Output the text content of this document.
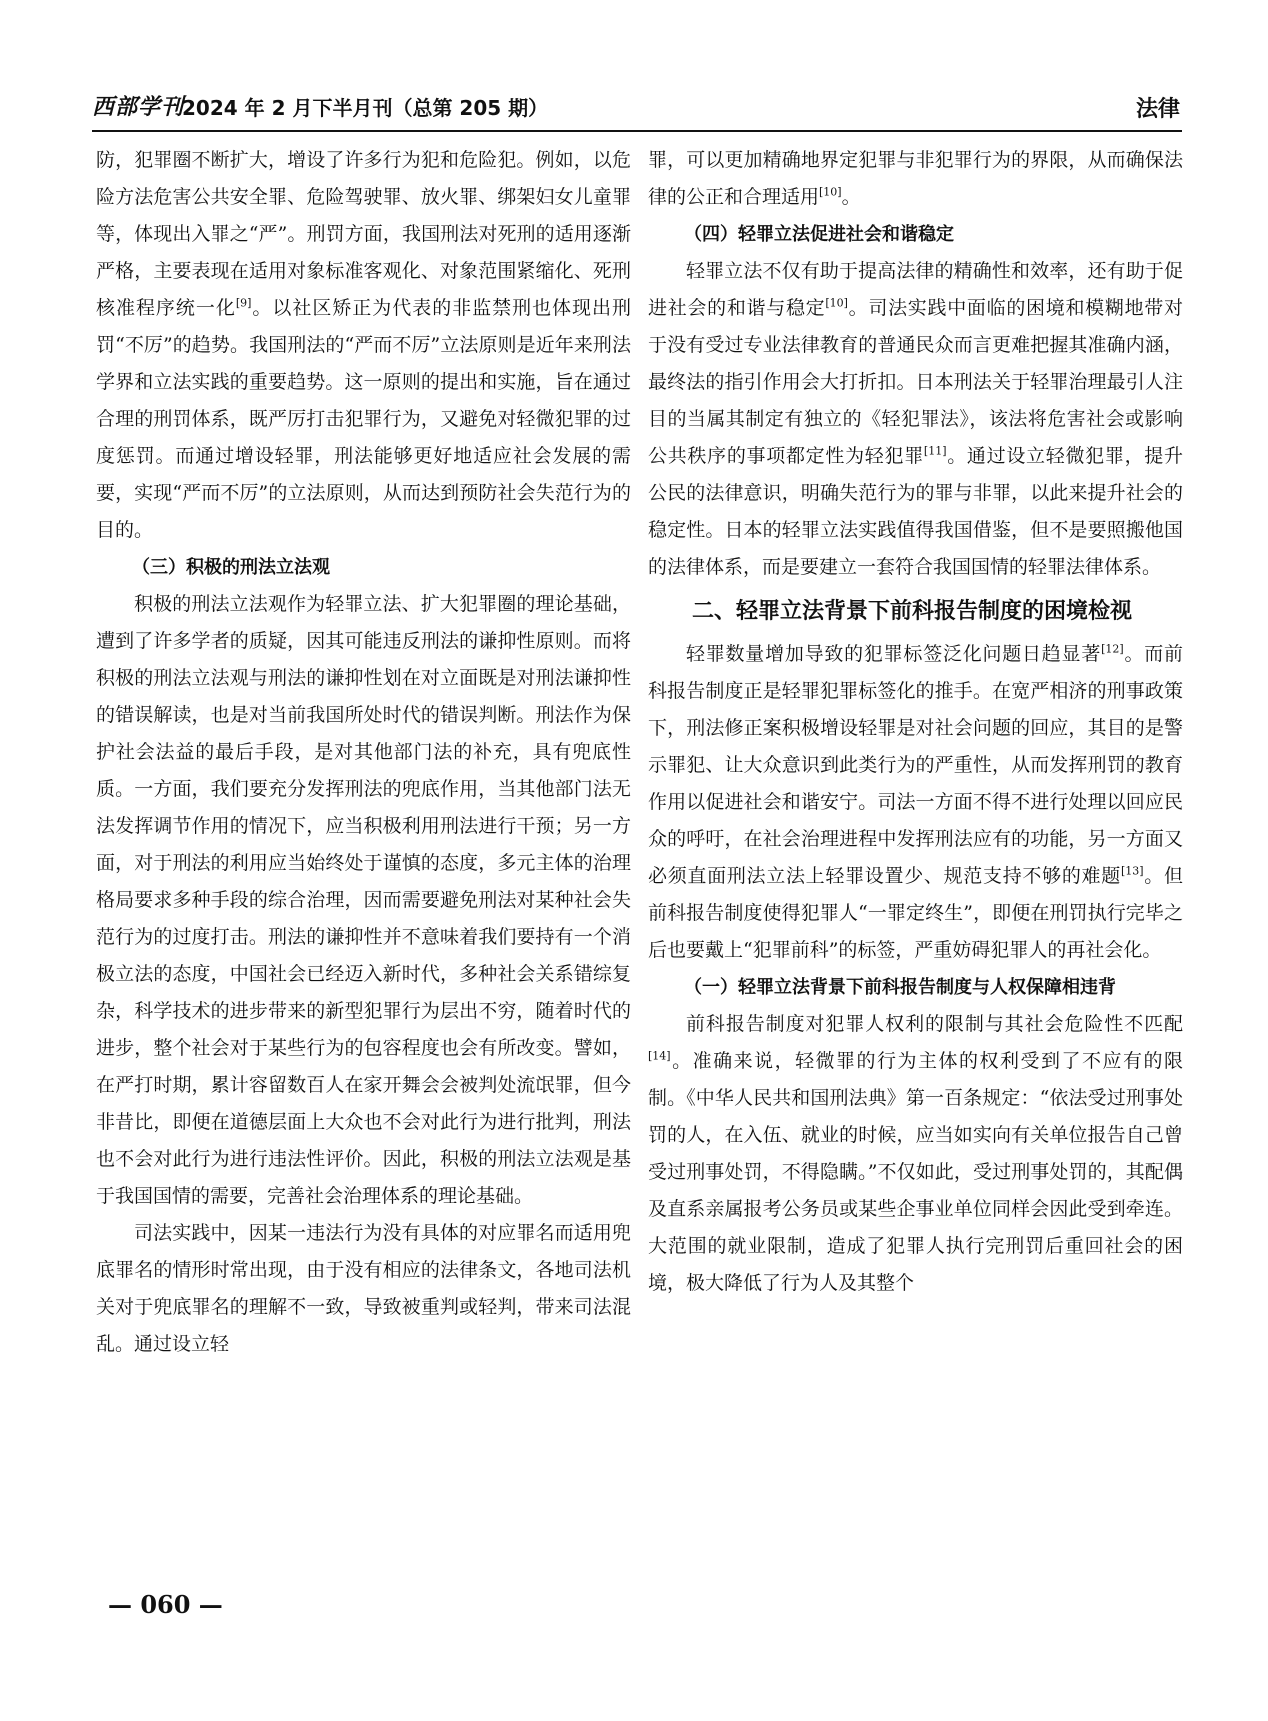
西部学刊
2024 年 2 月下半月刊（总第 205 期）	法律

防，犯罪圈不断扩大，增设了许多行为犯和危险犯。例如，以危险方法危害公共安全罪、危险驾驶罪、放火罪、绑架妇女儿童罪等，体现出入罪之“严”。刑罚方面，我国刑法对死刑的适用逐渐严格，主要表现在适用对象标准客观化、对象范围紧缩化、死刑核准程序统一化[9]。以社区矫正为代表的非监禁刑也体现出刑罚“不厉”的趋势。我国刑法的“严而不厉”立法原则是近年来刑法学界和立法实践的重要趋势。这一原则的提出和实施，旨在通过合理的刑罚体系，既严厉打击犯罪行为，又避免对轻微犯罪的过度惩罚。而通过增设轻罪，刑法能够更好地适应社会发展的需要，实现“严而不厉”的立法原则，从而达到预防社会失范行为的目的。

（三）积极的刑法立法观

积极的刑法立法观作为轻罪立法、扩大犯罪圈的理论基础，遭到了许多学者的质疑，因其可能违反刑法的谦抑性原则。而将积极的刑法立法观与刑法的谦抑性划在对立面既是对刑法谦抑性的错误解读，也是对当前我国所处时代的错误判断。刑法作为保护社会法益的最后手段，是对其他部门法的补充，具有兜底性质。一方面，我们要充分发挥刑法的兜底作用，当其他部门法无法发挥调节作用的情况下，应当积极利用刑法进行干预；另一方面，对于刑法的利用应当始终处于谨慎的态度，多元主体的治理格局要求多种手段的综合治理，因而需要避免刑法对某种社会失范行为的过度打击。刑法的谦抑性并不意味着我们要持有一个消极立法的态度，中国社会已经迈入新时代，多种社会关系错综复杂，科学技术的进步带来的新型犯罪行为层出不穷，随着时代的进步，整个社会对于某些行为的包容程度也会有所改变。譬如，在严打时期，累计容留数百人在家开舞会会被判处流氓罪，但今非昔比，即便在道德层面上大众也不会对此行为进行批判，刑法也不会对此行为进行违法性评价。因此，积极的刑法立法观是基于我国国情的需要，完善社会治理体系的理论基础。

司法实践中，因某一违法行为没有具体的对应罪名而适用兜底罪名的情形时常出现，由于没有相应的法律条文，各地司法机关对于兜底罪名的理解不一致，导致被重判或轻判，带来司法混乱。通过设立轻

罪，可以更加精确地界定犯罪与非犯罪行为的界限，从而确保法律的公正和合理适用[10]。

（四）轻罪立法促进社会和谐稳定

轻罪立法不仅有助于提高法律的精确性和效率，还有助于促进社会的和谐与稳定[10]。司法实践中面临的困境和模糊地带对于没有受过专业法律教育的普通民众而言更难把握其准确内涵，最终法的指引作用会大打折扣。日本刑法关于轻罪治理最引人注目的当属其制定有独立的《轻犯罪法》，该法将危害社会或影响公共秩序的事项都定性为轻犯罪[11]。通过设立轻微犯罪，提升公民的法律意识，明确失范行为的罪与非罪，以此来提升社会的稳定性。日本的轻罪立法实践值得我国借鉴，但不是要照搬他国的法律体系，而是要建立一套符合我国国情的轻罪法律体系。

二、轻罪立法背景下前科报告制度的困境检视

轻罪数量增加导致的犯罪标签泛化问题日趋显著[12]。而前科报告制度正是轻罪犯罪标签化的推手。在宽严相济的刑事政策下，刑法修正案积极增设轻罪是对社会问题的回应，其目的是警示罪犯、让大众意识到此类行为的严重性，从而发挥刑罚的教育作用以促进社会和谐安宁。司法一方面不得不进行处理以回应民众的呼吁，在社会治理进程中发挥刑法应有的功能，另一方面又必须直面刑法立法上轻罪设置少、规范支持不够的难题[13]。但前科报告制度使得犯罪人“一罪定终生”，即便在刑罚执行完毕之后也要戴上“犯罪前科”的标签，严重妨碍犯罪人的再社会化。

（一）轻罪立法背景下前科报告制度与人权保障相违背

前科报告制度对犯罪人权利的限制与其社会危险性不匹配[14]。准确来说，轻微罪的行为主体的权利受到了不应有的限制。《中华人民共和国刑法典》第一百条规定：“依法受过刑事处罚的人，在入伍、就业的时候，应当如实向有关单位报告自己曾受过刑事处罚，不得隐瞒。”不仅如此，受过刑事处罚的，其配偶及直系亲属报考公务员或某些企事业单位同样会因此受到牵连。大范围的就业限制，造成了犯罪人执行完刑罚后重回社会的困境，极大降低了行为人及其整个

— 060 —
